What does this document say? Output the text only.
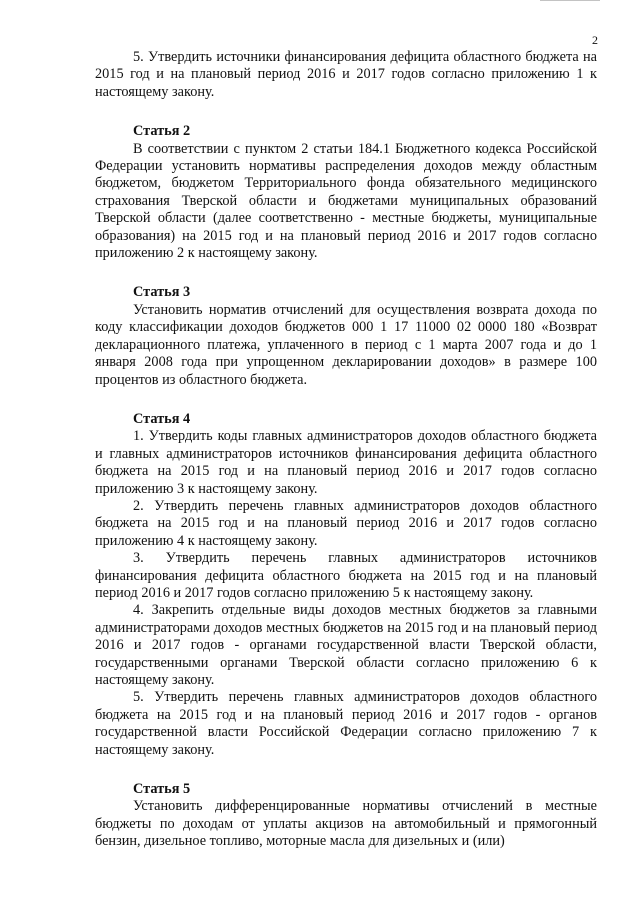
2

5. Утвердить источники финансирования дефицита областного бюджета на 2015 год и на плановый период 2016 и 2017 годов согласно приложению 1 к настоящему закону.

Статья 2

В соответствии с пунктом 2 статьи 184.1 Бюджетного кодекса Российской Федерации установить нормативы распределения доходов между областным бюджетом, бюджетом Территориального фонда обязательного медицинского страхования Тверской области и бюджетами муниципальных образований Тверской области (далее соответственно - местные бюджеты, муниципальные образования) на 2015 год и на плановый период 2016 и 2017 годов согласно приложению 2 к настоящему закону.

Статья 3

Установить норматив отчислений для осуществления возврата дохода по коду классификации доходов бюджетов 000 1 17 11000 02 0000 180 «Возврат декларационного платежа, уплаченного в период с 1 марта 2007 года и до 1 января 2008 года при упрощенном декларировании доходов» в размере 100 процентов из областного бюджета.

Статья 4

1. Утвердить коды главных администраторов доходов областного бюджета и главных администраторов источников финансирования дефицита областного бюджета на 2015 год и на плановый период 2016 и 2017 годов согласно приложению 3 к настоящему закону.

2. Утвердить перечень главных администраторов доходов областного бюджета на 2015 год и на плановый период 2016 и 2017 годов согласно приложению 4 к настоящему закону.

3. Утвердить перечень главных администраторов источников финансирования дефицита областного бюджета на 2015 год и на плановый период 2016 и 2017 годов согласно приложению 5 к настоящему закону.

4. Закрепить отдельные виды доходов местных бюджетов за главными администраторами доходов местных бюджетов на 2015 год и на плановый период 2016 и 2017 годов - органами государственной власти Тверской области, государственными органами Тверской области согласно приложению 6 к настоящему закону.

5. Утвердить перечень главных администраторов доходов областного бюджета на 2015 год и на плановый период 2016 и 2017 годов - органов государственной власти Российской Федерации согласно приложению 7 к настоящему закону.

Статья 5

Установить дифференцированные нормативы отчислений в местные бюджеты по доходам от уплаты акцизов на автомобильный и прямогонный бензин, дизельное топливо, моторные масла для дизельных и (или)
